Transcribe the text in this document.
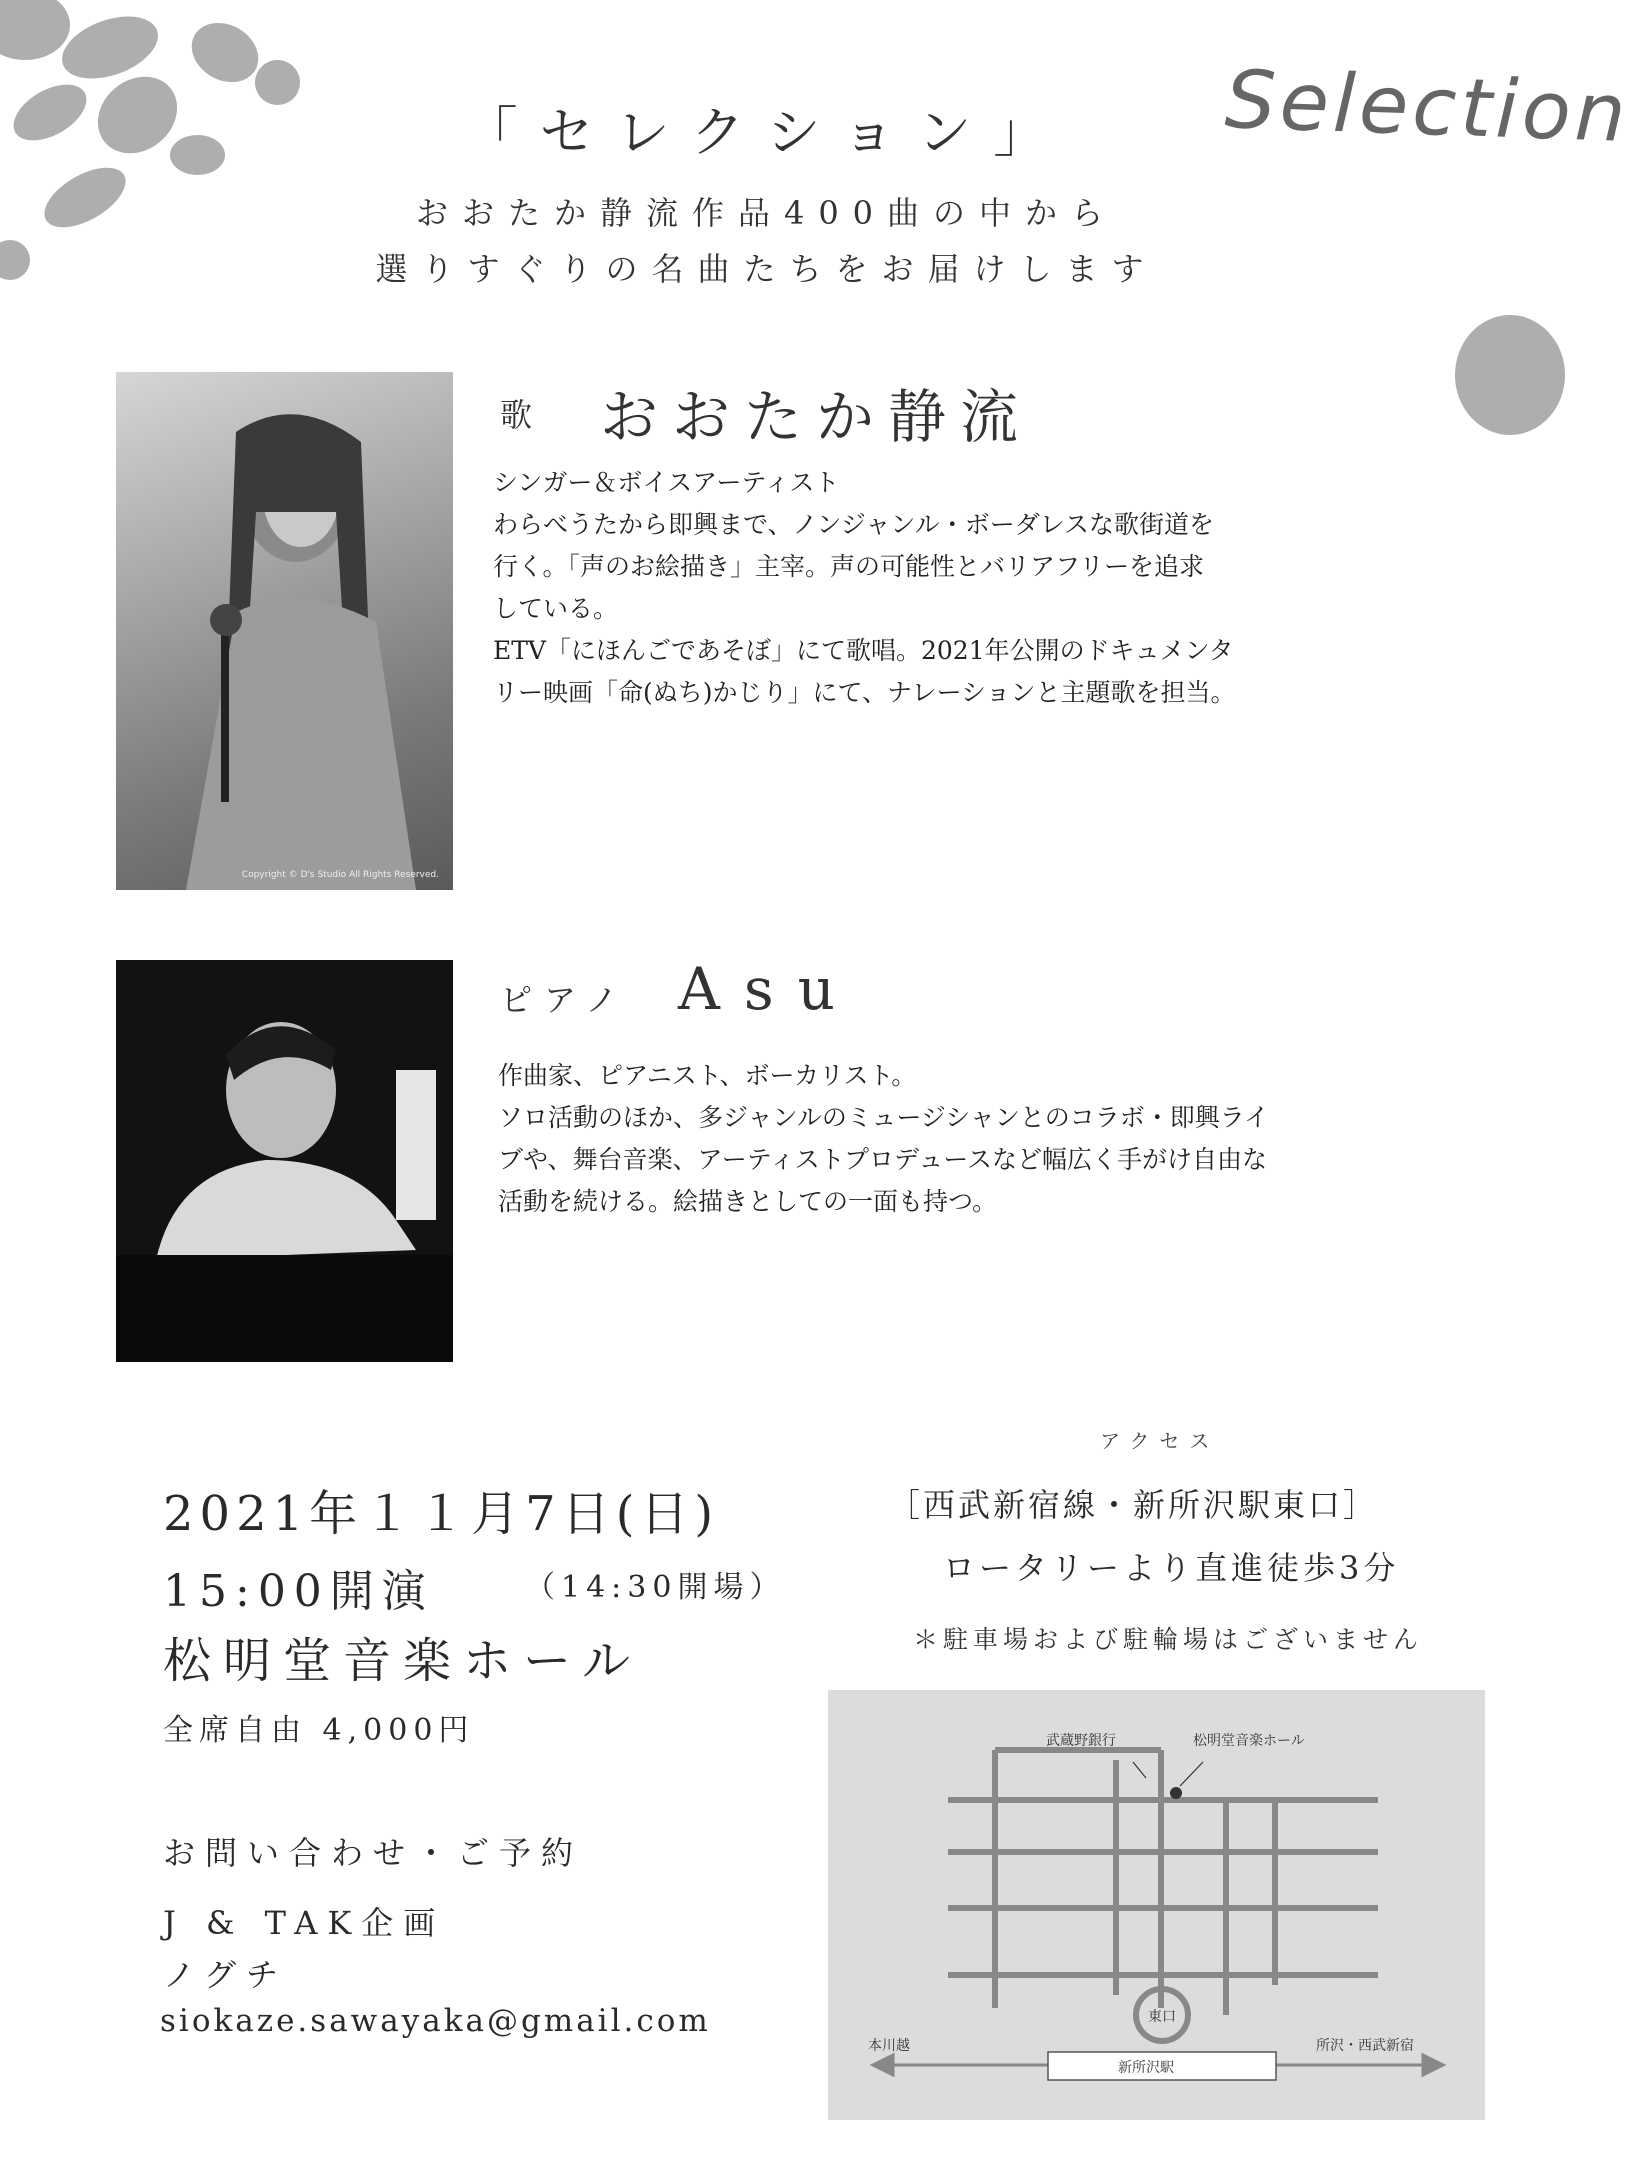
「セレクション」	Selection
おおたか静流作品400曲の中から
選りすぐりの名曲たちをお届けします
Copyright © D's Studio All Rights Reserved.
歌 おおたか静流
シンガー＆ボイスアーティスト
わらべうたから即興まで、ノンジャンル・ボーダレスな歌街道を
行く。「声のお絵描き」主宰。声の可能性とバリアフリーを追求
している。
ETV「にほんごであそぼ」にて歌唱。2021年公開のドキュメンタ
リー映画「命(ぬち)かじり」にて、ナレーションと主題歌を担当。
ピアノ Asu
作曲家、ピアニスト、ボーカリスト。
ソロ活動のほか、多ジャンルのミュージシャンとのコラボ・即興ライ
ブや、舞台音楽、アーティストプロデュースなど幅広く手がけ自由な
活動を続ける。絵描きとしての一面も持つ。
2021年１１月7日(日)
15:00開演	（14:30開場）
松明堂音楽ホール
全席自由 4,000円
お問い合わせ・ご予約
J & TAK企画
ノグチ
siokaze.sawayaka@gmail.com
アクセス
［西武新宿線・新所沢駅東口］
ロータリーより直進徒歩3分
＊駐車場および駐輪場はございません
武蔵野銀行	松明堂音楽ホール
東口
新所沢駅
本川越	所沢・西武新宿
